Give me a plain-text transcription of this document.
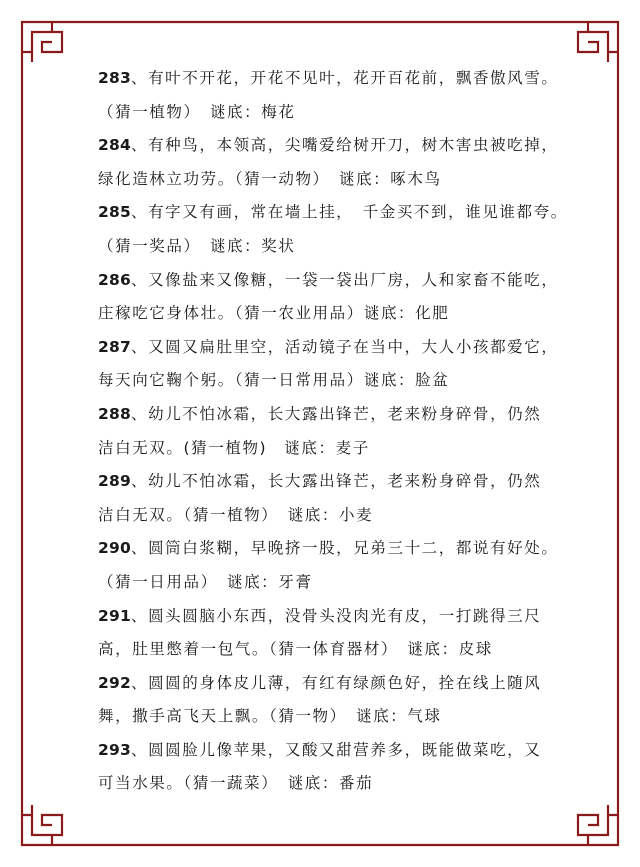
283、有叶不开花，开花不见叶，花开百花前，飘香傲风雪。
（猜一植物）　谜底：梅花
284、有种鸟，本领高，尖嘴爱给树开刀，树木害虫被吃掉，
绿化造林立功劳。（猜一动物）　谜底：啄木鸟
285、有字又有画，常在墙上挂，　千金买不到，谁见谁都夸。
（猜一奖品）　谜底：奖状
286、又像盐来又像糖，一袋一袋出厂房，人和家畜不能吃，
庄稼吃它身体壮。（猜一农业用品）谜底：化肥
287、又圆又扁肚里空，活动镜子在当中，大人小孩都爱它，
每天向它鞠个躬。（猜一日常用品）谜底：脸盆
288、幼儿不怕冰霜，长大露出锋芒，老来粉身碎骨，仍然
洁白无双。(猜一植物)　谜底：麦子
289、幼儿不怕冰霜，长大露出锋芒，老来粉身碎骨，仍然
洁白无双。（猜一植物）　谜底：小麦
290、圆筒白浆糊，早晚挤一股，兄弟三十二，都说有好处。
（猜一日用品）　谜底：牙膏
291、圆头圆脑小东西，没骨头没肉光有皮，一打跳得三尺
高，肚里憋着一包气。（猜一体育器材）　谜底：皮球
292、圆圆的身体皮儿薄，有红有绿颜色好，拴在线上随风
舞，撒手高飞天上飘。（猜一物）　谜底：气球
293、圆圆脸儿像苹果，又酸又甜营养多，既能做菜吃，又
可当水果。（猜一蔬菜）　谜底：番茄
